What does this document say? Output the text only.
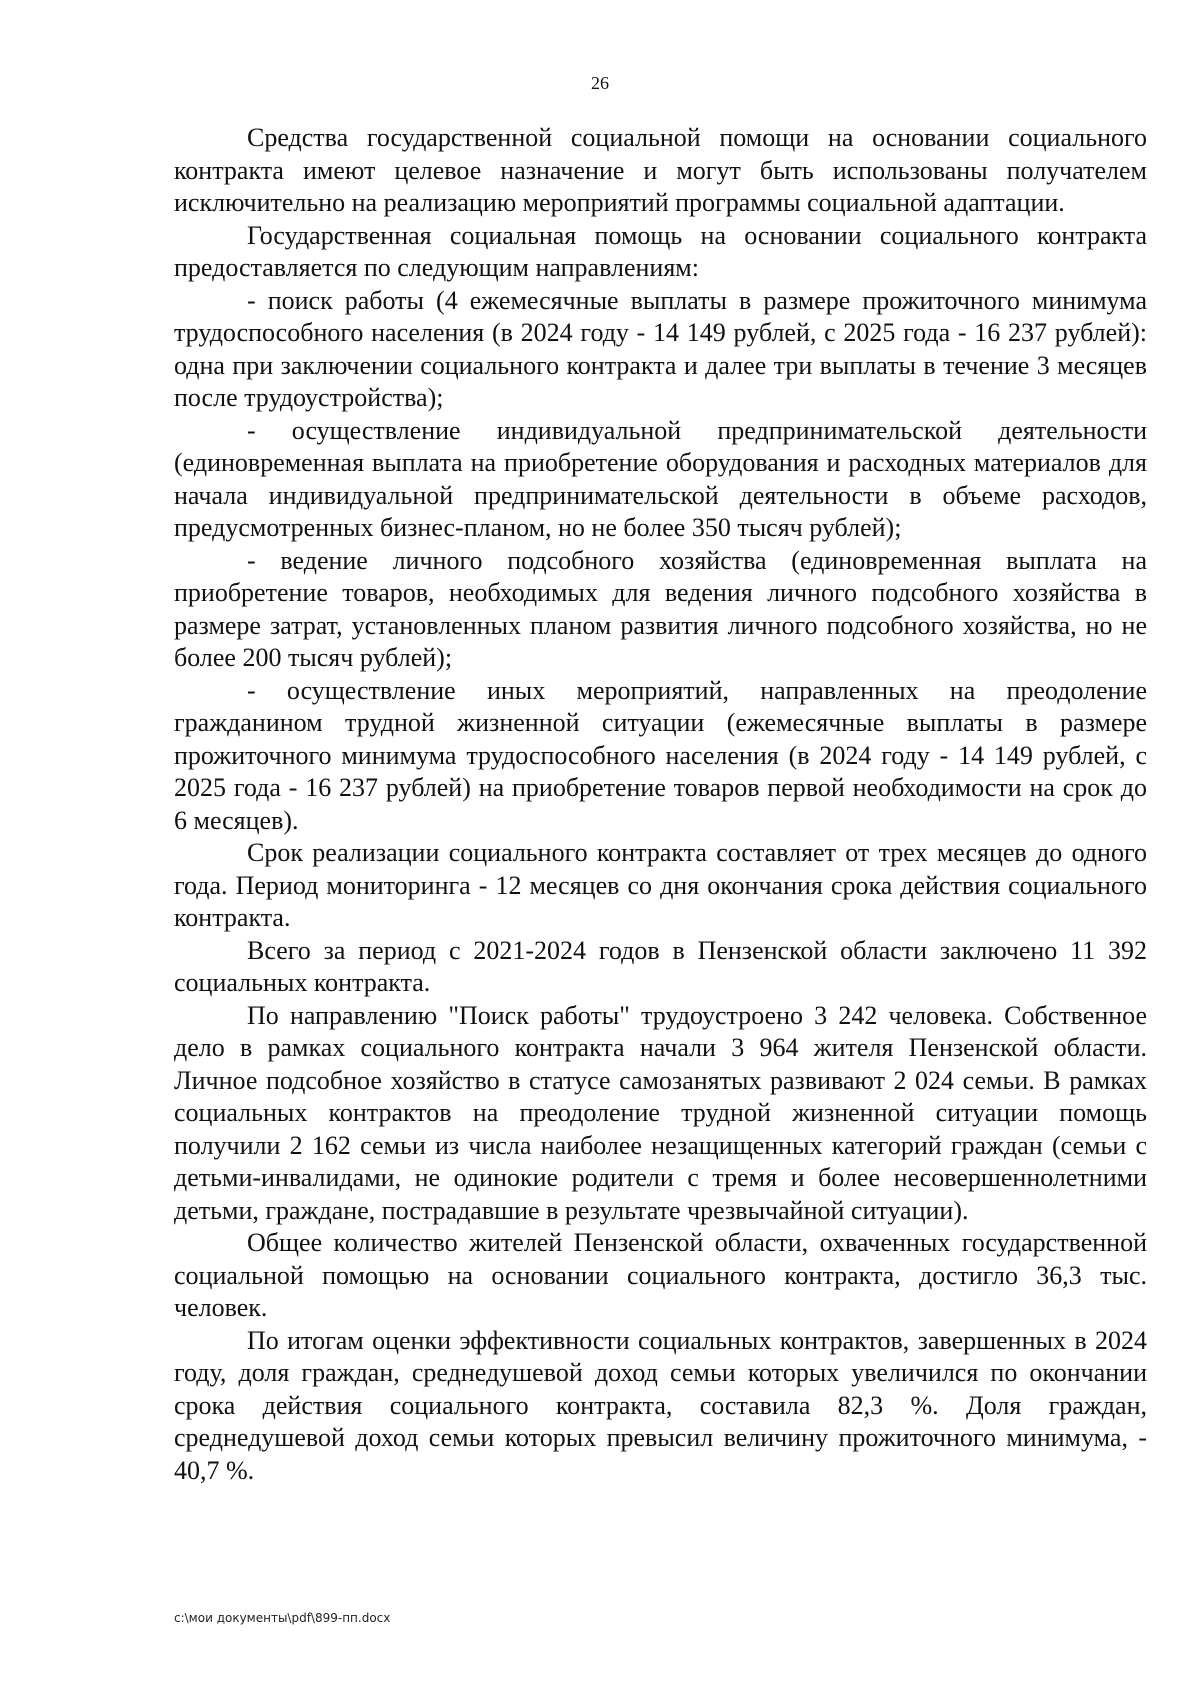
26

Средства государственной социальной помощи на основании социального контракта имеют целевое назначение и могут быть использованы получателем исключительно на реализацию мероприятий программы социальной адаптации.

Государственная социальная помощь на основании социального контракта предоставляется по следующим направлениям:

- поиск работы (4 ежемесячные выплаты в размере прожиточного минимума трудоспособного населения (в 2024 году - 14 149 рублей, с 2025 года - 16 237 рублей): одна при заключении социального контракта и далее три выплаты в течение 3 месяцев после трудоустройства);

- осуществление индивидуальной предпринимательской деятельности (единовременная выплата на приобретение оборудования и расходных материалов для начала индивидуальной предпринимательской деятельности в объеме расходов, предусмотренных бизнес-планом, но не более 350 тысяч рублей);

- ведение личного подсобного хозяйства (единовременная выплата на приобретение товаров, необходимых для ведения личного подсобного хозяйства в размере затрат, установленных планом развития личного подсобного хозяйства, но не более 200 тысяч рублей);

- осуществление иных мероприятий, направленных на преодоление гражданином трудной жизненной ситуации (ежемесячные выплаты в размере прожиточного минимума трудоспособного населения (в 2024 году - 14 149 рублей, с 2025 года - 16 237 рублей) на приобретение товаров первой необходимости на срок до 6 месяцев).

Срок реализации социального контракта составляет от трех месяцев до одного года. Период мониторинга - 12 месяцев со дня окончания срока действия социального контракта.

Всего за период с 2021-2024 годов в Пензенской области заключено 11 392 социальных контракта.

По направлению "Поиск работы" трудоустроено 3 242 человека. Собственное дело в рамках социального контракта начали 3 964 жителя Пензенской области. Личное подсобное хозяйство в статусе самозанятых развивают 2 024 семьи. В рамках социальных контрактов на преодоление трудной жизненной ситуации помощь получили 2 162 семьи из числа наиболее незащищенных категорий граждан (семьи с детьми-инвалидами, не одинокие родители с тремя и более несовершеннолетними детьми, граждане, пострадавшие в результате чрезвычайной ситуации).

Общее количество жителей Пензенской области, охваченных государственной социальной помощью на основании социального контракта, достигло 36,3 тыс. человек.

По итогам оценки эффективности социальных контрактов, завершенных в 2024 году, доля граждан, среднедушевой доход семьи которых увеличился по окончании срока действия социального контракта, составила 82,3 %. Доля граждан, среднедушевой доход семьи которых превысил величину прожиточного минимума, - 40,7 %.

c:\мои документы\pdf\899-пп.docx
